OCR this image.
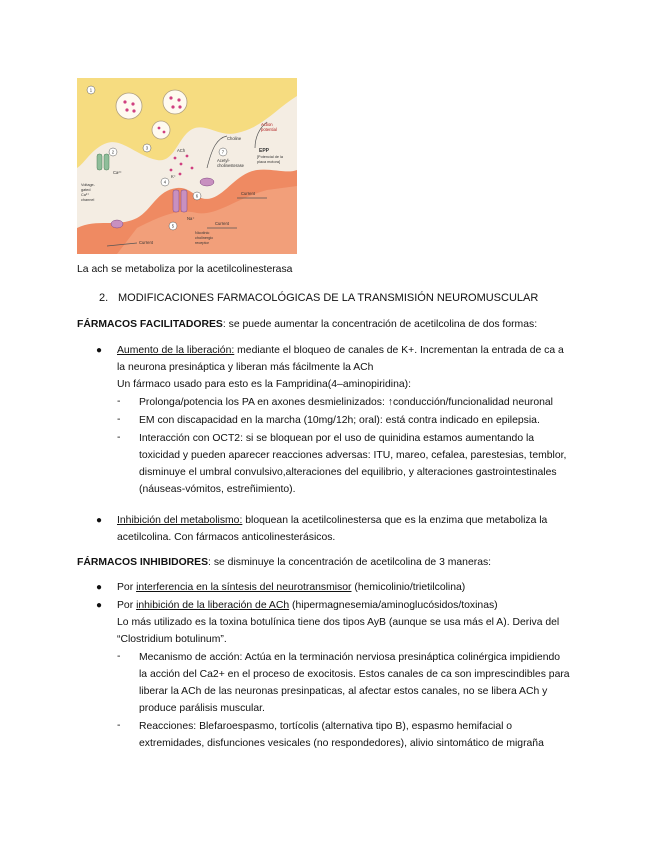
1
2
3
4
5
6
7
Choline
ACh
Acetyl-
cholinesterase
Action
potential
EPP
[Potencial de la
placa motora]
Current
Current
Current
Ca²⁺
Na⁺
K⁺
Voltage-
gated
Ca²⁺
channel
Nicotinic
cholinergic
receptor
La ach se metaboliza por la acetilcolinesterasa
2. MODIFICACIONES FARMACOLÓGICAS DE LA TRANSMISIÓN NEUROMUSCULAR
FÁRMACOS FACILITADORES: se puede aumentar la concentración de acetilcolina de dos formas:
● Aumento de la liberación: mediante el bloqueo de canales de K+. Incrementan la entrada de ca a
la neurona presináptica y liberan más fácilmente la ACh
Un fármaco usado para esto es la Fampridina(4–aminopiridina):
- Prolonga/potencia los PA en axones desmielinizados: ↑conducción/funcionalidad neuronal
- EM con discapacidad en la marcha (10mg/12h; oral): está contra indicado en epilepsia.
- Interacción con OCT2: si se bloquean por el uso de quinidina estamos aumentando la
toxicidad y pueden aparecer reacciones adversas: ITU, mareo, cefalea, parestesias, temblor,
disminuye el umbral convulsivo,alteraciones del equilibrio, y alteraciones gastrointestinales
(náuseas-vómitos, estreñimiento).
● Inhibición del metabolismo: bloquean la acetilcolinestersa que es la enzima que metaboliza la
acetilcolina. Con fármacos anticolinesterásicos.
FÁRMACOS INHIBIDORES: se disminuye la concentración de acetilcolina de 3 maneras:
● Por interferencia en la síntesis del neurotransmisor (hemicolinio/trietilcolina)
● Por inhibición de la liberación de ACh (hipermagnesemia/aminoglucósidos/toxinas)
Lo más utilizado es la toxina botulínica tiene dos tipos AyB (aunque se usa más el A). Deriva del
“Clostridium botulinum”.
- Mecanismo de acción: Actúa en la terminación nerviosa presináptica colinérgica impidiendo
la acción del Ca2+ en el proceso de exocitosis. Estos canales de ca son imprescindibles para
liberar la ACh de las neuronas presinpaticas, al afectar estos canales, no se libera ACh y
produce parálisis muscular.
- Reacciones: Blefaroespasmo, tortícolis (alternativa tipo B), espasmo hemifacial o
extremidades, disfunciones vesicales (no respondedores), alivio sintomático de migraña
